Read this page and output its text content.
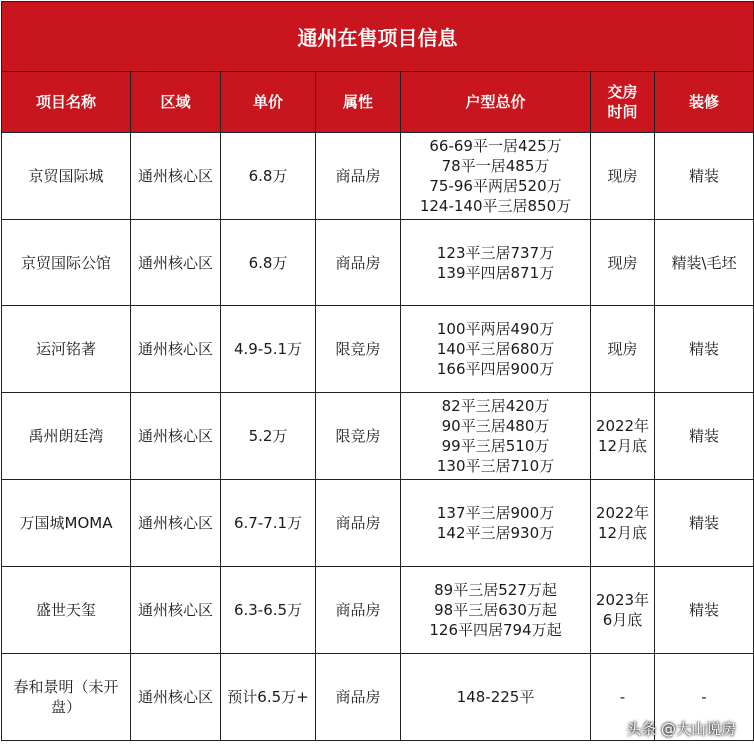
通州在售项目信息						

项目名称	区域	单价	属性	户型总价	交房
时间	装修

京贸国际城	通州核心区	6.8万	商品房	66-69平一居425万
78平一居485万
75-96平两居520万
124-140平三居850万	现房	精装

京贸国际公馆	通州核心区	6.8万	商品房	123平三居737万
139平四居871万	现房	精装\毛坯

运河铭著	通州核心区	4.9-5.1万	限竞房	100平两居490万
140平三居680万
166平四居900万	现房	精装

禹州朗廷湾	通州核心区	5.2万	限竞房	82平三居420万
90平三居480万
99平三居510万
130平三居710万	2022年
12月底	精装

万国城MOMA	通州核心区	6.7-7.1万	商品房	137平三居900万
142平三居930万	2022年
12月底	精装

盛世天玺	通州核心区	6.3-6.5万	商品房	89平三居527万起
98平三居630万起
126平四居794万起	2023年
6月底	精装

春和景明（未开
盘）	通州核心区	预计6.5万+	商品房	148-225平	-	-
头条 @大山说房
